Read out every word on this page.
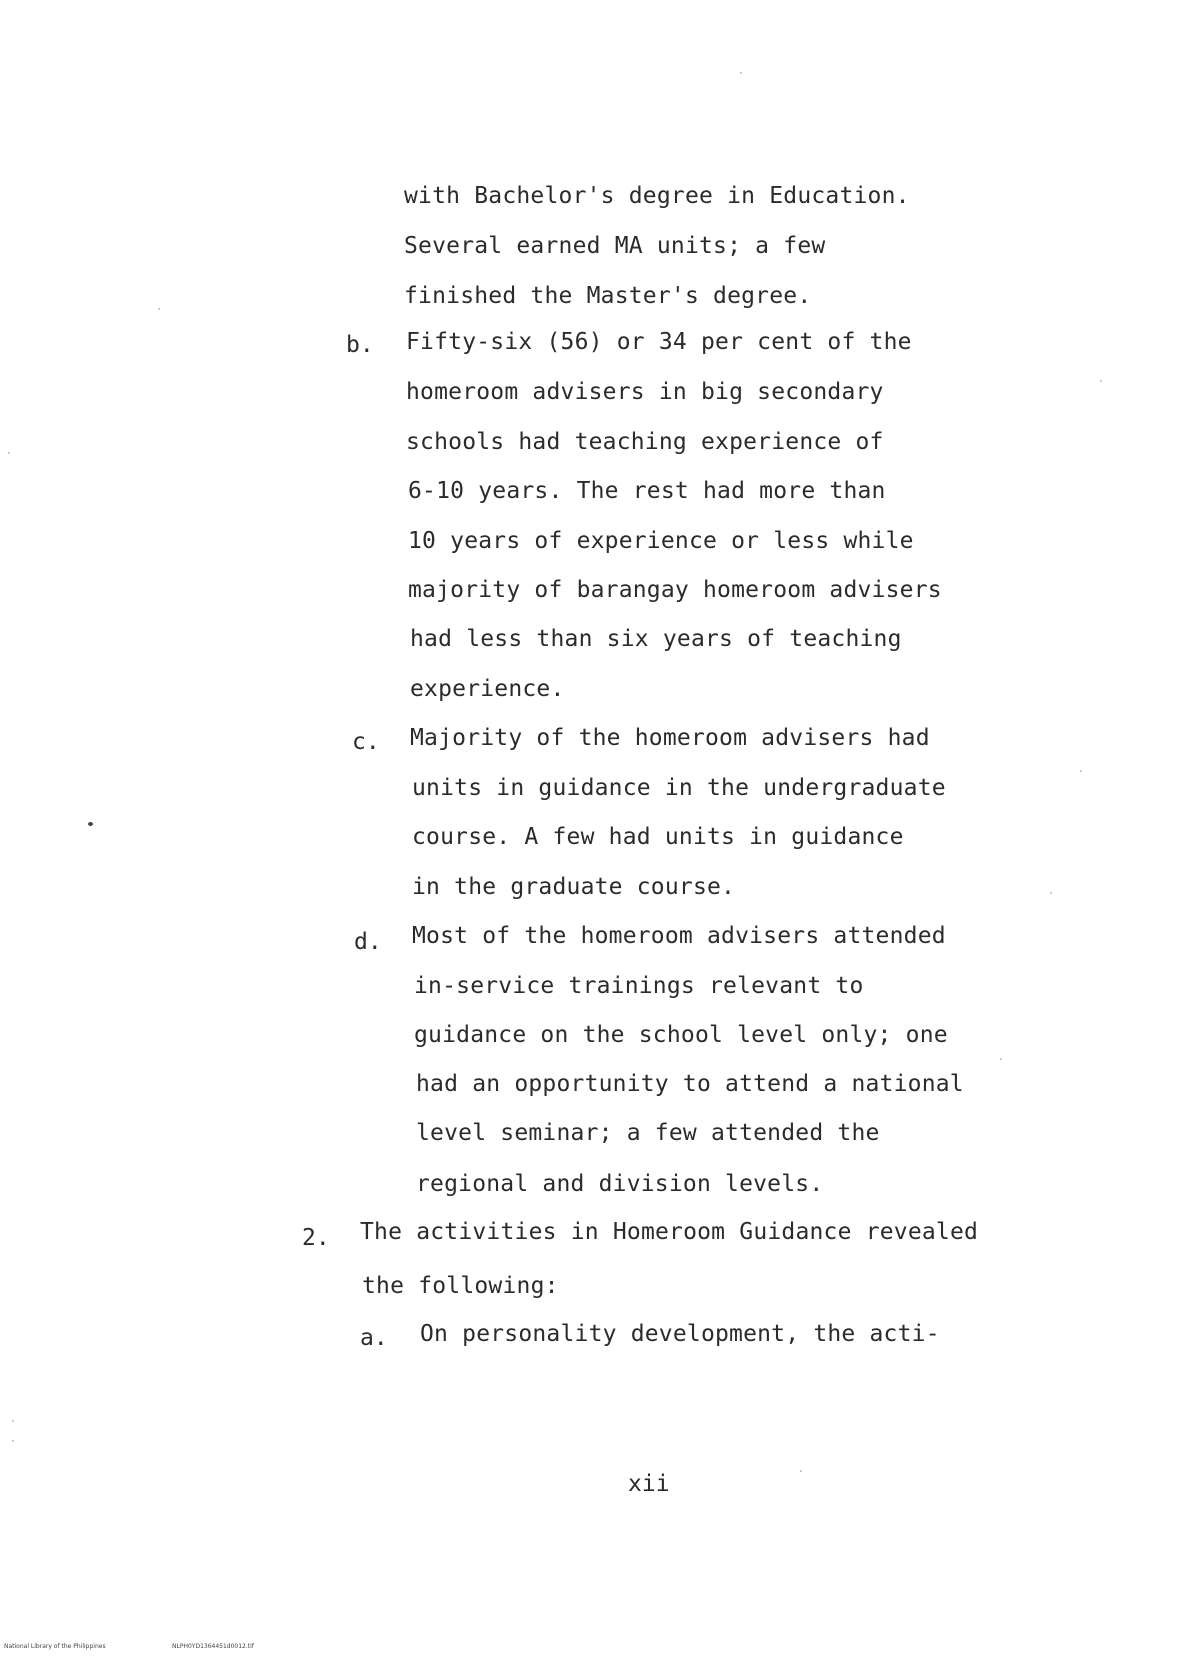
with Bachelor's degree in Education.
Several earned MA units; a few
finished the Master's degree.
b. Fifty-six (56) or 34 per cent of the
homeroom advisers in big secondary
schools had teaching experience of
6-10 years. The rest had more than
10 years of experience or less while
majority of barangay homeroom advisers
had less than six years of teaching
experience.
c. Majority of the homeroom advisers had
units in guidance in the undergraduate
course. A few had units in guidance
in the graduate course.
d. Most of the homeroom advisers attended
in-service trainings relevant to
guidance on the school level only; one
had an opportunity to attend a national
level seminar; a few attended the
regional and division levels.
2. The activities in Homeroom Guidance revealed
the following:
a. On personality development, the acti-
xii
National Library of the Philippines	NLPH0YD1364451d0012.tif
